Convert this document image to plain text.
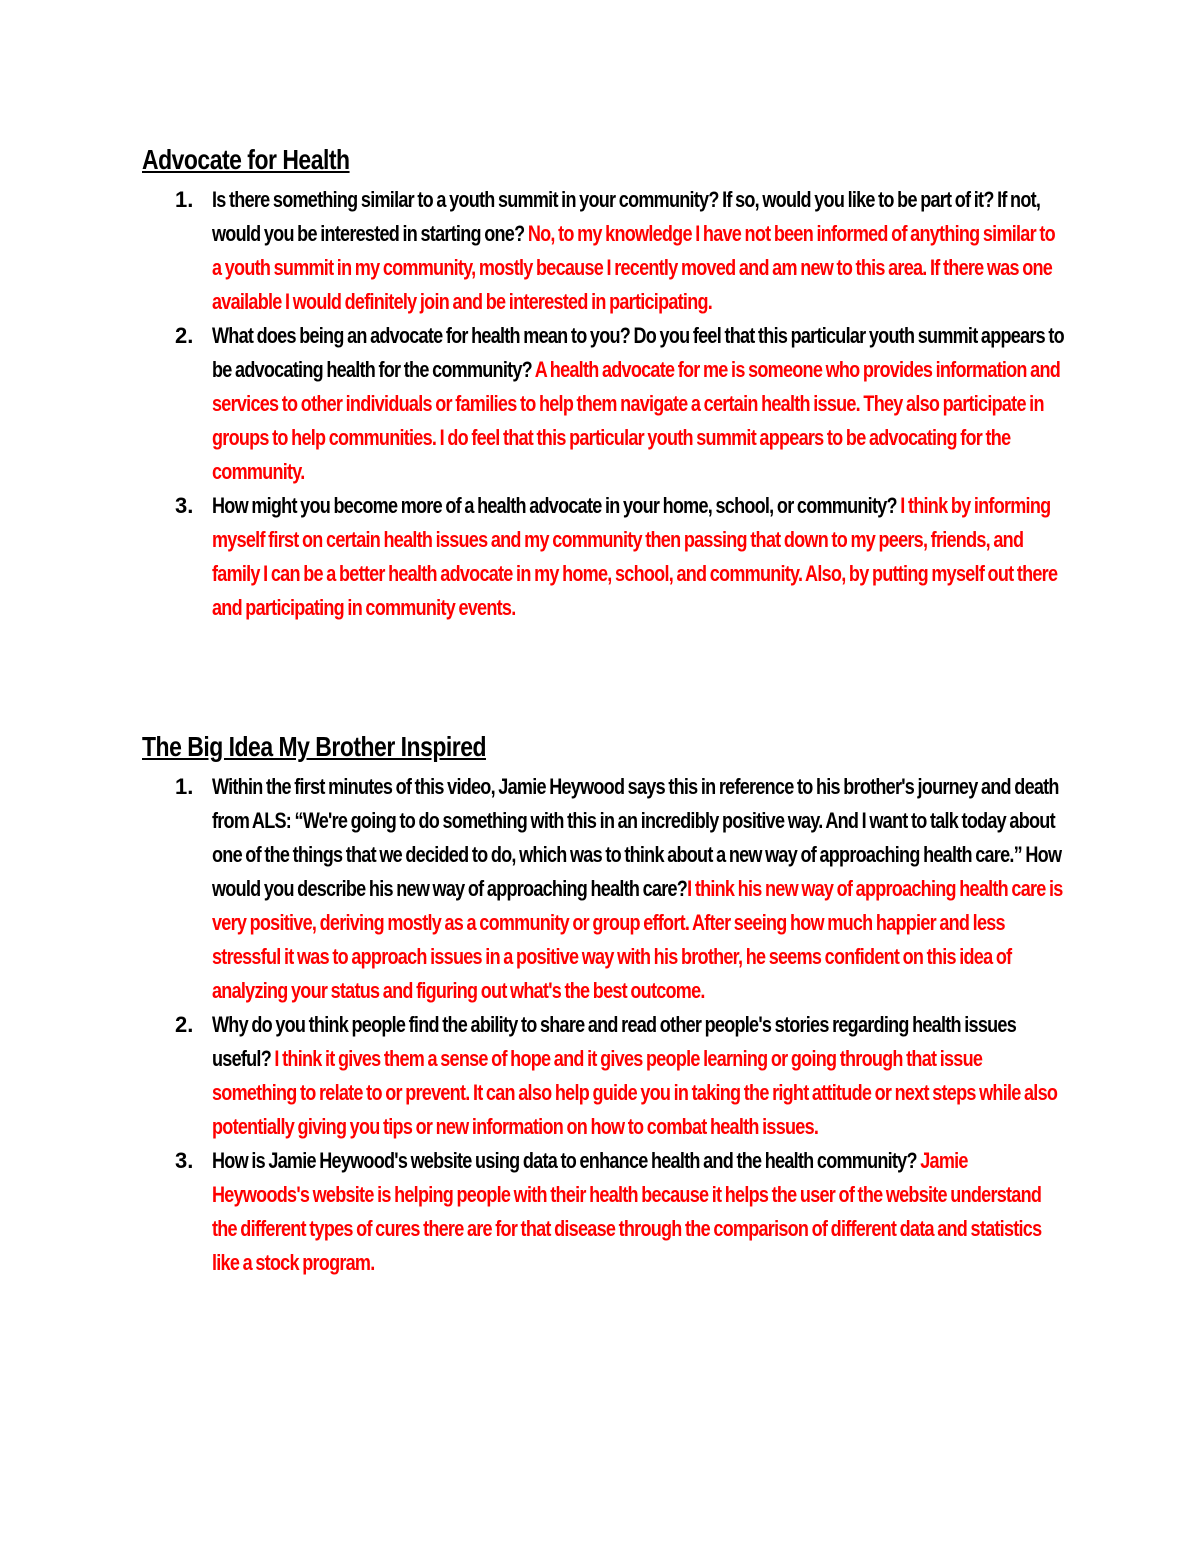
Advocate for Health
1. Is there something similar to a youth summit in your community? If so, would you like to be part of it? If not, would you be interested in starting one? No, to my knowledge I have not been informed of anything similar to a youth summit in my community, mostly because I recently moved and am new to this area. If there was one available I would definitely join and be interested in participating.
2. What does being an advocate for health mean to you? Do you feel that this particular youth summit appears to be advocating health for the community? A health advocate for me is someone who provides information and services to other individuals or families to help them navigate a certain health issue. They also participate in groups to help communities. I do feel that this particular youth summit appears to be advocating for the community.
3. How might you become more of a health advocate in your home, school, or community? I think by informing myself first on certain health issues and my community then passing that down to my peers, friends, and family I can be a better health advocate in my home, school, and community. Also, by putting myself out there and participating in community events.
The Big Idea My Brother Inspired
1. Within the first minutes of this video, Jamie Heywood says this in reference to his brother's journey and death from ALS: “We're going to do something with this in an incredibly positive way. And I want to talk today about one of the things that we decided to do, which was to think about a new way of approaching health care.” How would you describe his new way of approaching health care?I think his new way of approaching health care is very positive, deriving mostly as a community or group effort. After seeing how much happier and less stressful it was to approach issues in a positive way with his brother, he seems confident on this idea of analyzing your status and figuring out what's the best outcome.
2. Why do you think people find the ability to share and read other people's stories regarding health issues useful? I think it gives them a sense of hope and it gives people learning or going through that issue something to relate to or prevent. It can also help guide you in taking the right attitude or next steps while also potentially giving you tips or new information on how to combat health issues.
3. How is Jamie Heywood's website using data to enhance health and the health community? Jamie Heywoods's website is helping people with their health because it helps the user of the website understand the different types of cures there are for that disease through the comparison of different data and statistics like a stock program.
